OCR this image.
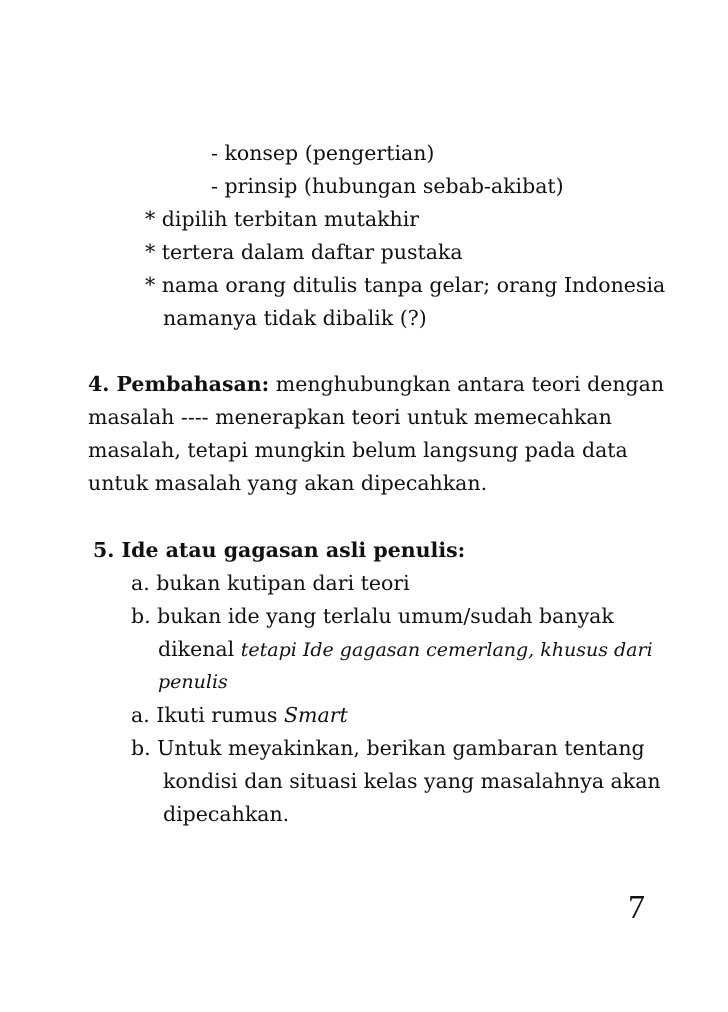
- konsep (pengertian)
- prinsip (hubungan sebab-akibat)
* dipilih terbitan mutakhir
* tertera dalam daftar pustaka
* nama orang ditulis tanpa gelar; orang Indonesia
namanya tidak dibalik (?)
4. Pembahasan: menghubungkan antara teori dengan
masalah ---- menerapkan teori untuk memecahkan
masalah, tetapi mungkin belum langsung pada data
untuk masalah yang akan dipecahkan.
5. Ide atau gagasan asli penulis:
a. bukan kutipan dari teori
b. bukan ide yang terlalu umum/sudah banyak
dikenal tetapi Ide gagasan cemerlang, khusus dari
penulis
a. Ikuti rumus Smart
b. Untuk meyakinkan, berikan gambaran tentang
kondisi dan situasi kelas yang masalahnya akan
dipecahkan.
7
